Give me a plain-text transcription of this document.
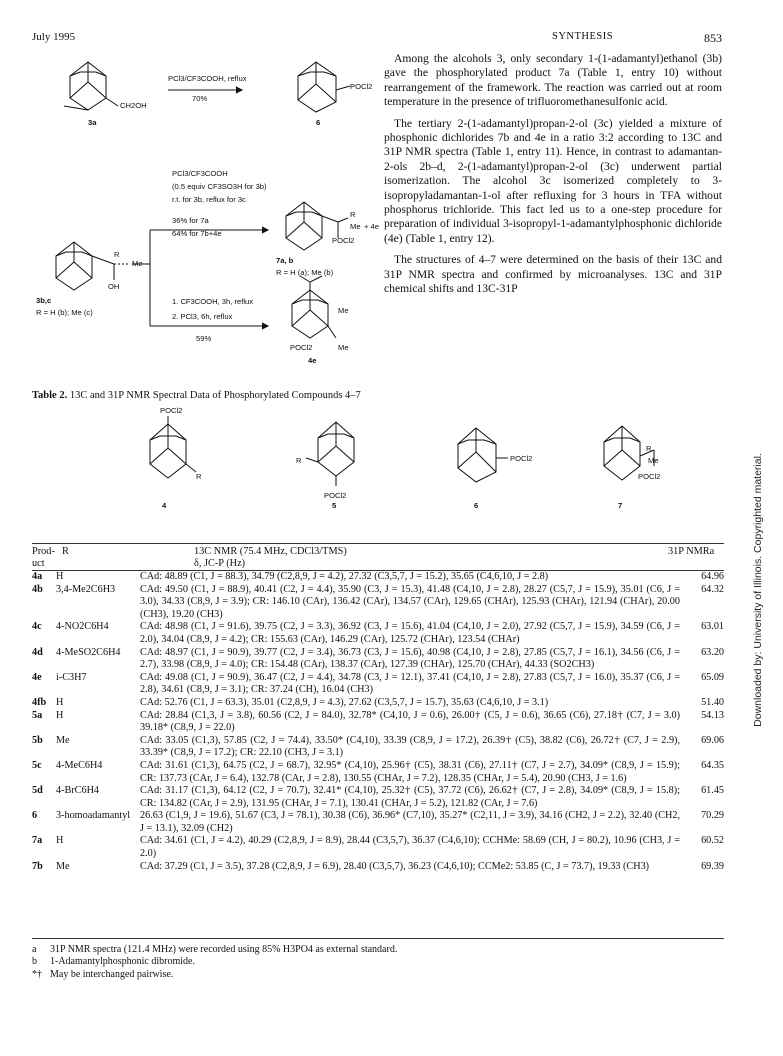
July 1995	SYNTHESIS	853
3a
CH2OH
PCl3/CF3COOH, reflux
70%
POCl2
6
PCl3/CF3COOH
(0.5 equiv CF3SO3H for 3b)
r.t. for 3b, reflux for 3c
36% for 7a
64% for 7b+4e
R
Me + 4e
POCl2
7a, b
R = H (a); Me (b)
R
Me
OH
3b,c
R = H (b); Me (c)
1. CF3COOH, 3h, reflux
2. PCl3, 6h, reflux
59%
Me
POCl2	Me
4e

Among the alcohols 3, only secondary 1-(1-adamantyl)ethanol (3b) gave the phosphorylated product 7a (Table 1, entry 10) without rearrangement of the framework. The reaction was carried out at room temperature in the presence of trifluoromethanesulfonic acid.

The tertiary 2-(1-adamantyl)propan-2-ol (3c) yielded a mixture of phosphonic dichlorides 7b and 4e in a ratio 3:2 according to 13C and 31P NMR spectra (Table 1, entry 11). Hence, in contrast to adamantan-2-ols 2b–d, 2-(1-adamantyl)propan-2-ol (3c) underwent partial isomerization. The alcohol 3c isomerized completely to 3-isopropyladamantan-1-ol after refluxing for 3 hours in TFA without phosphorus trichloride. This fact led us to a one-step procedure for preparation of individual 3-isopropyl-1-adamantylphosphonic dichloride (4e) (Table 1, entry 12).

The structures of 4–7 were determined on the basis of their 13C and 31P NMR spectra and confirmed by microanalyses. 13C and 31P chemical shifts and 13C-31P

Downloaded by: University of Illinois. Copyrighted material.
Table 2. 13C and 31P NMR Spectral Data of Phosphorylated Compounds 4–7
POCl2
R
4
R
POCl2
5
POCl2
6
R
Me
POCl2
7
Prod- uct
R	13C NMR (75.4 MHz, CDCl3/TMS)
δ, JC-P (Hz)
31P NMRa
4a	H	CAd: 48.89 (C1, J = 88.3), 34.79 (C2,8,9, J = 4.2), 27.32 (C3,5,7, J = 15.2), 35.65 (C4,6,10, J = 2.8)	64.96
4b	3,4-Me2C6H3	CAd: 49.50 (C1, J = 88.9), 40.41 (C2, J = 4.4), 35.90 (C3, J = 15.3), 41.48 (C4,10, J = 2.8), 28.27 (C5,7, J = 15.9), 35.01 (C6, J = 3.0), 34.33 (C8,9, J = 3.9); CR: 146.10 (CAr), 136.42 (CAr), 134.57 (CAr), 129.65 (CHAr), 125.93 (CHAr), 121.94 (CHAr), 20.00 (CH3), 19.20 (CH3)
64.32
4c	4-NO2C6H4	CAd: 48.98 (C1, J = 91.6), 39.75 (C2, J = 3.3), 36.92 (C3, J = 15.6), 41.04 (C4,10, J = 2.0), 27.92 (C5,7, J = 15.9), 34.59 (C6, J = 2.0), 34.04 (C8,9, J = 4.2); CR: 155.63 (CAr), 146.29 (CAr), 125.72 (CHAr), 123.54 (CHAr)
63.01
4d	4-MeSO2C6H4	CAd: 48.97 (C1, J = 90.9), 39.77 (C2, J = 3.4), 36.73 (C3, J = 15.6), 40.98 (C4,10, J = 2.8), 27.85 (C5,7, J = 16.1), 34.56 (C6, J = 2.7), 33.98 (C8,9, J = 4.0); CR: 154.48 (CAr), 138.37 (CAr), 127.39 (CHAr), 125.70 (CHAr), 44.33 (SO2CH3)
63.20
4e	i-C3H7	CAd: 49.08 (C1, J = 90.9), 36.47 (C2, J = 4.4), 34.78 (C3, J = 12.1), 37.41 (C4,10, J = 2.8), 27.83 (C5,7, J = 16.0), 35.37 (C6, J = 2.8), 34.61 (C8,9, J = 3.1); CR: 37.24 (CH), 16.04 (CH3)
65.09
4fb H	CAd: 52.76 (C1, J = 63.3), 35.01 (C2,8,9, J = 4.3), 27.62 (C3,5,7, J = 15.7), 35.63 (C4,6,10, J = 3.1)	51.40
5a	H	CAd: 28.84 (C1,3, J = 3.8), 60.56 (C2, J = 84.0), 32.78* (C4,10, J = 0.6), 26.00† (C5, J = 0.6), 36.65 (C6), 27.18† (C7, J = 3.0) 39.18* (C8,9, J = 22.0)
54.13
5b	Me	CAd: 33.05 (C1,3), 57.85 (C2, J = 74.4), 33.50* (C4,10), 33.39 (C8,9, J = 17.2), 26.39† (C5), 38.82 (C6), 26.72† (C7, J = 2.9), 33.39* (C8,9, J = 17.2); CR: 22.10 (CH3, J = 3.1)
69.06
5c	4-MeC6H4	CAd: 31.61 (C1,3), 64.75 (C2, J = 68.7), 32.95* (C4,10), 25.96† (C5), 38.31 (C6), 27.11† (C7, J = 2.7), 34.09* (C8,9, J = 15.9); CR: 137.73 (CAr, J = 6.4), 132.78 (CAr, J = 2.8), 130.55 (CHAr, J = 7.2), 128.35 (CHAr, J = 5.4), 20.90 (CH3, J = 1.6)
64.35
5d	4-BrC6H4	CAd: 31.17 (C1,3), 64.12 (C2, J = 70.7), 32.41* (C4,10), 25.32† (C5), 37.72 (C6), 26.62† (C7, J = 2.8), 34.09* (C8,9, J = 15.8); CR: 134.82 (CAr, J = 2.9), 131.95 (CHAr, J = 7.1), 130.41 (CHAr, J = 5.2), 121.82 (CAr, J = 7.6)
61.45
6	3-homoadamantyl 26.63 (C1,9, J = 19.6), 51.67 (C3, J = 78.1), 30.38 (C6), 36.96* (C7,10), 35.27* (C2,11, J = 3.9), 34.16 (CH2, J = 2.2), 32.40 (CH2, J = 13.1), 32.09 (CH2)
70.29
7a	H	CAd: 34.61 (C1, J = 4.2), 40.29 (C2,8,9, J = 8.9), 28.44 (C3,5,7), 36.37 (C4,6,10); CCHMe: 58.69 (CH, J = 80.2), 10.96 (CH3, J = 2.0)
60.52
7b	Me	CAd: 37.29 (C1, J = 3.5), 37.28 (C2,8,9, J = 6.9), 28.40 (C3,5,7), 36.23 (C4,6,10); CCMe2: 53.85 (C, J = 73.7), 19.33 (CH3)	69.39
a	31P NMR spectra (121.4 MHz) were recorded using 85% H3PO4 as external standard.
b	1-Adamantylphosphonic dibromide.
*† May be interchanged pairwise.
